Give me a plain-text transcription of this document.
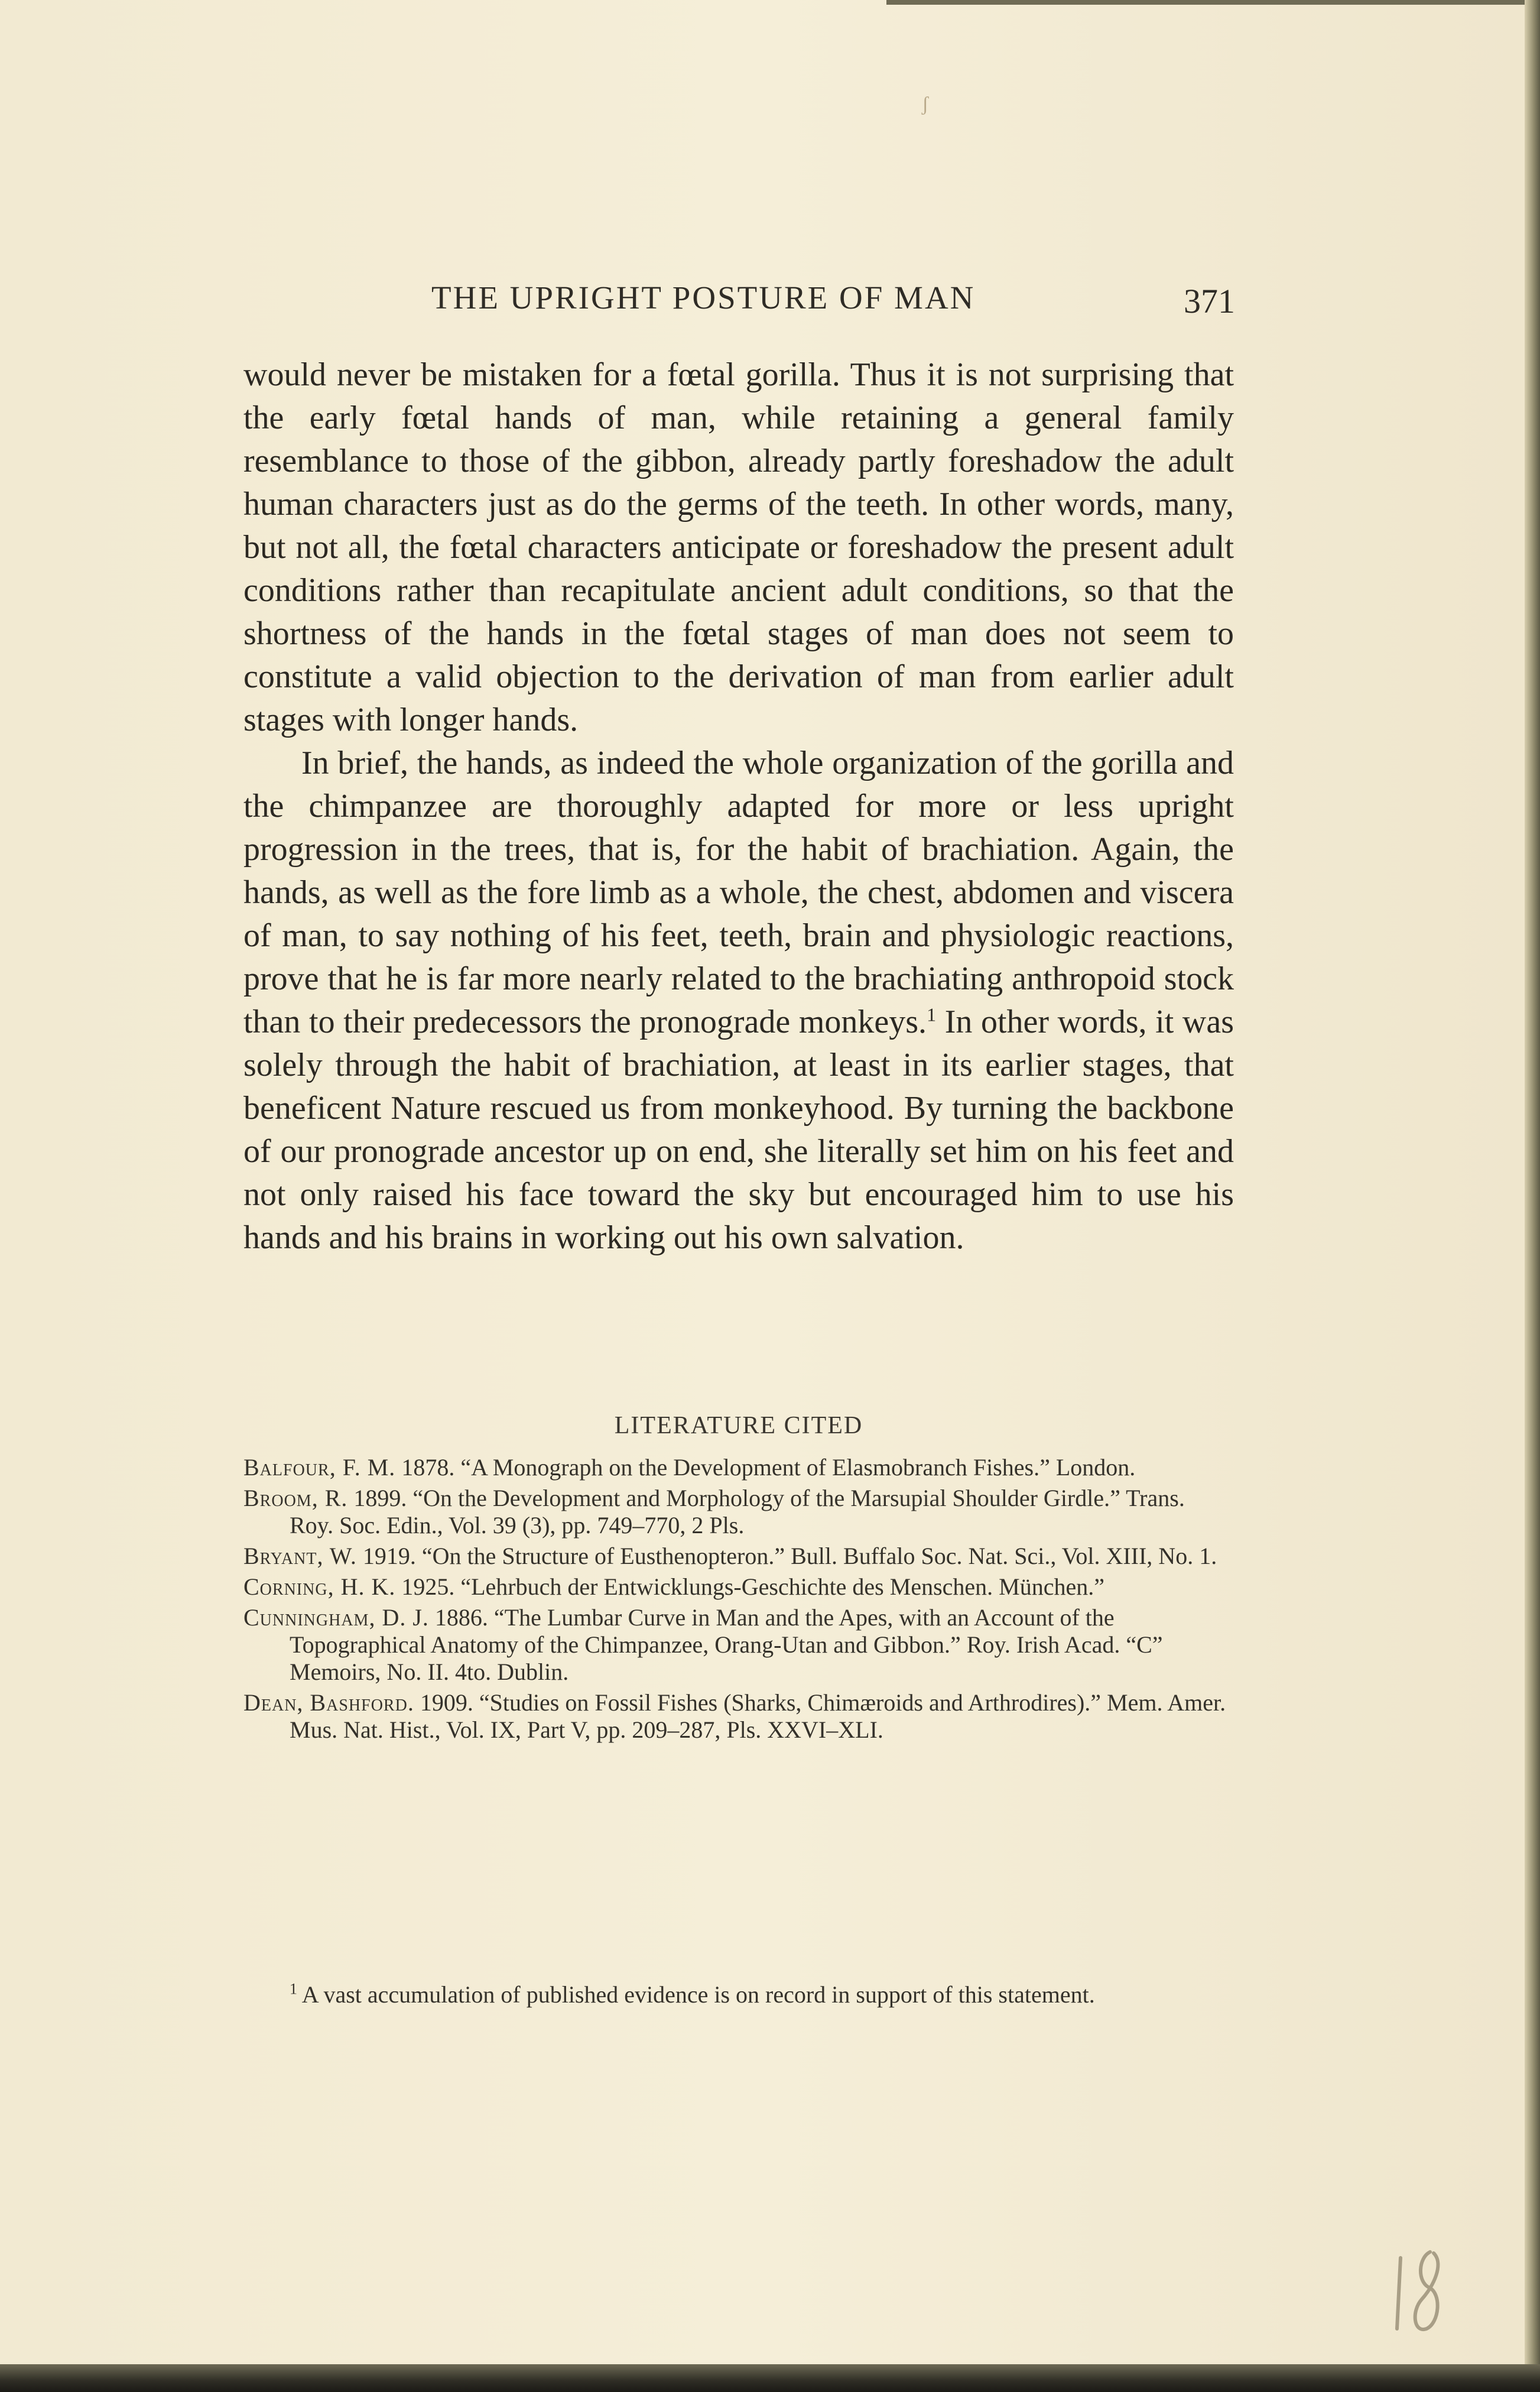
ʃ
THE UPRIGHT POSTURE OF MAN	371

would never be mistaken for a fœtal gorilla. Thus it is not surprising that the early fœtal hands of man, while retaining a general family resemblance to those of the gibbon, already partly foreshadow the adult human characters just as do the germs of the teeth. In other words, many, but not all, the fœtal characters anticipate or foreshadow the present adult conditions rather than recapitulate ancient adult conditions, so that the shortness of the hands in the fœtal stages of man does not seem to constitute a valid objection to the derivation of man from earlier adult stages with longer hands.

In brief, the hands, as indeed the whole organization of the gorilla and the chimpanzee are thoroughly adapted for more or less upright progression in the trees, that is, for the habit of brachiation. Again, the hands, as well as the fore limb as a whole, the chest, abdomen and viscera of man, to say nothing of his feet, teeth, brain and physiologic reactions, prove that he is far more nearly related to the brachiating anthropoid stock than to their predecessors the pronograde monkeys.$^1$ In other words, it was solely through the habit of brachiation, at least in its earlier stages, that beneficent Nature rescued us from monkeyhood. By turning the backbone of our pronograde ancestor up on end, she literally set him on his feet and not only raised his face toward the sky but encouraged him to use his hands and his brains in working out his own salvation.

LITERATURE CITED

Balfour, F. M. 1878. “A Monograph on the Development of Elasmobranch Fishes.” London.

Broom, R. 1899. “On the Development and Morphology of the Marsupial Shoulder Girdle.” Trans. Roy. Soc. Edin., Vol. 39 (3), pp. 749–770, 2 Pls.

Bryant, W. 1919. “On the Structure of Eusthenopteron.” Bull. Buffalo Soc. Nat. Sci., Vol. XIII, No. 1.

Corning, H. K. 1925. “Lehrbuch der Entwicklungs-Geschichte des Menschen. München.”

Cunningham, D. J. 1886. “The Lumbar Curve in Man and the Apes, with an Account of the Topographical Anatomy of the Chimpanzee, Orang-Utan and Gibbon.” Roy. Irish Acad. “C” Memoirs, No. II. 4to. Dublin.

Dean, Bashford. 1909. “Studies on Fossil Fishes (Sharks, Chimæroids and Arthrodires).” Mem. Amer. Mus. Nat. Hist., Vol. IX, Part V, pp. 209–287, Pls. XXVI–XLI.

$^1$ A vast accumulation of published evidence is on record in support of this statement.
